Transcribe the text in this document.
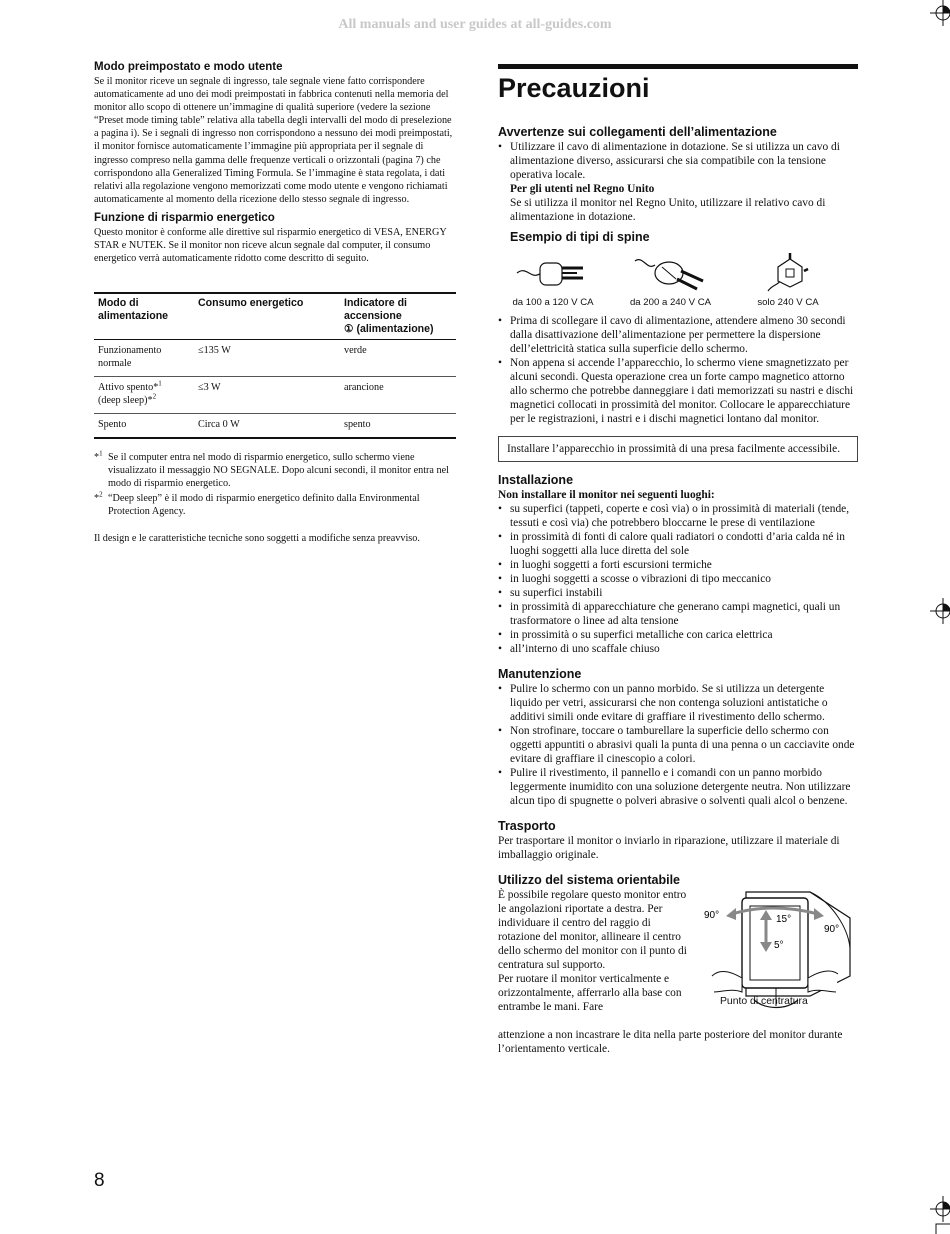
All manuals and user guides at all-guides.com
Modo preimpostato e modo utente

Se il monitor riceve un segnale di ingresso, tale segnale viene fatto corrispondere automaticamente ad uno dei modi preimpostati in fabbrica contenuti nella memoria del monitor allo scopo di ottenere un’immagine di qualità superiore (vedere la sezione “Preset mode timing table” relativa alla tabella degli intervalli del modo di preselezione a pagina i). Se i segnali di ingresso non corrispondono a nessuno dei modi preimpostati, il monitor fornisce automaticamente l’immagine più appropriata per il segnale di ingresso compreso nella gamma delle frequenze verticali o orizzontali (pagina 7) che corrispondono alla Generalized Timing Formula. Se l’immagine è stata regolata, i dati relativi alla regolazione vengono memorizzati come modo utente e vengono richiamati automaticamente al momento della ricezione dello stesso segnale di ingresso.

Funzione di risparmio energetico

Questo monitor è conforme alle direttive sul risparmio energetico di VESA, ENERGY STAR e NUTEK. Se il monitor non riceve alcun segnale dal computer, il consumo energetico verrà automaticamente ridotto come descritto di seguito.

Modo di alimentazione	Consumo energetico	Indicatore di accensione
① (alimentazione)
Funzionamento normale	≤135 W	verde
Attivo spento*$^1$
(deep sleep)*$^2$	≤3 W	arancione
Spento	Circa 0 W	spento
*$^1$ Se il computer entra nel modo di risparmio energetico, sullo schermo viene visualizzato il messaggio NO SEGNALE. Dopo alcuni secondi, il monitor entra nel modo di risparmio energetico.
*$^2$ “Deep sleep” è il modo di risparmio energetico definito dalla Environmental Protection Agency.

Il design e le caratteristiche tecniche sono soggetti a modifiche senza preavviso.

Precauzioni
Avvertenze sui collegamenti dell’alimentazione
• Utilizzare il cavo di alimentazione in dotazione. Se si utilizza un cavo di alimentazione diverso, assicurarsi che sia compatibile con la tensione operativa locale.
Per gli utenti nel Regno Unito
Se si utilizza il monitor nel Regno Unito, utilizzare il relativo cavo di alimentazione in dotazione.
Esempio di tipi di spine
da 100 a 120 V CA	da 200 a 240 V CA	solo 240 V CA
• Prima di scollegare il cavo di alimentazione, attendere almeno 30 secondi dalla disattivazione dell’alimentazione per permettere la dispersione dell’elettricità statica sulla superficie dello schermo.
• Non appena si accende l’apparecchio, lo schermo viene smagnetizzato per alcuni secondi. Questa operazione crea un forte campo magnetico attorno allo schermo che potrebbe danneggiare i dati memorizzati su nastri e dischi magnetici collocati in prossimità del monitor. Collocare le apparecchiature per le registrazioni, i nastri e i dischi magnetici lontano dal monitor.
Installare l’apparecchio in prossimità di una presa facilmente accessibile.
Installazione

Non installare il monitor nei seguenti luoghi:

• su superfici (tappeti, coperte e così via) o in prossimità di materiali (tende, tessuti e così via) che potrebbero bloccarne le prese di ventilazione
• in prossimità di fonti di calore quali radiatori o condotti d’aria calda né in luoghi soggetti alla luce diretta del sole
• in luoghi soggetti a forti escursioni termiche
• in luoghi soggetti a scosse o vibrazioni di tipo meccanico
• su superfici instabili
• in prossimità di apparecchiature che generano campi magnetici, quali un trasformatore o linee ad alta tensione
• in prossimità o su superfici metalliche con carica elettrica
• all’interno di uno scaffale chiuso
Manutenzione
• Pulire lo schermo con un panno morbido. Se si utilizza un detergente liquido per vetri, assicurarsi che non contenga soluzioni antistatiche o additivi simili onde evitare di graffiare il rivestimento dello schermo.
• Non strofinare, toccare o tamburellare la superficie dello schermo con oggetti appuntiti o abrasivi quali la punta di una penna o un cacciavite onde evitare di graffiare il cinescopio a colori.
• Pulire il rivestimento, il pannello e i comandi con un panno morbido leggermente inumidito con una soluzione detergente neutra. Non utilizzare alcun tipo di spugnette o polveri abrasive o solventi quali alcol o benzene.
Trasporto

Per trasportare il monitor o inviarlo in riparazione, utilizzare il materiale di imballaggio originale.

Utilizzo del sistema orientabile

È possibile regolare questo monitor entro le angolazioni riportate a destra. Per individuare il centro del raggio di rotazione del monitor, allineare il centro dello schermo del monitor con il punto di centratura sul supporto.

Per ruotare il monitor verticalmente e orizzontalmente, afferrarlo alla base con entrambe le mani. Fare

90°
90°
15°
5°
Punto di centratura

attenzione a non incastrare le dita nella parte posteriore del monitor durante l’orientamento verticale.

8
